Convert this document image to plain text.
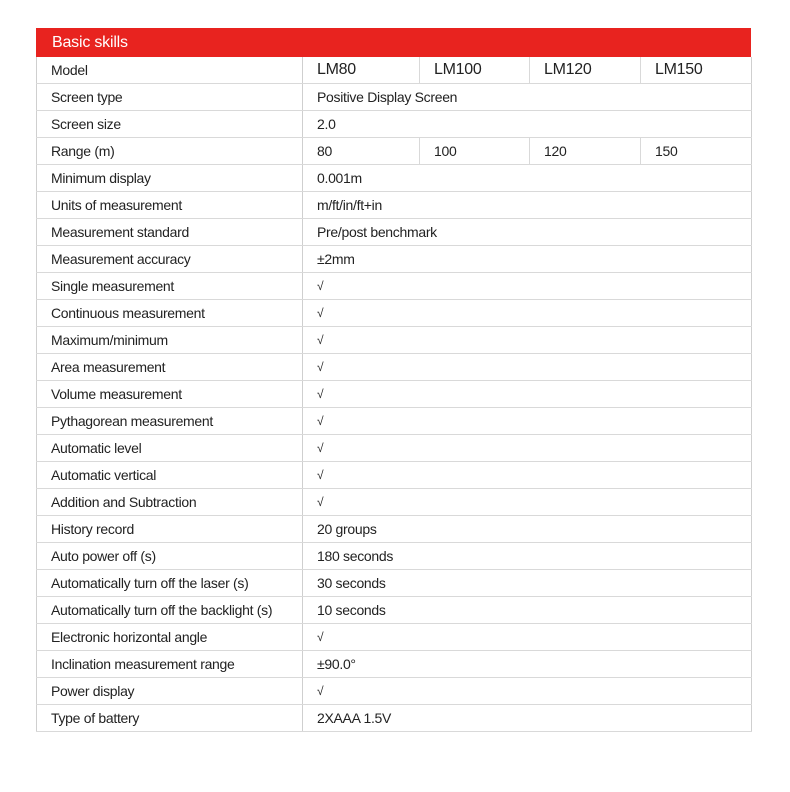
Basic skills
Model	LM80	LM100	LM120	LM150
Screen type	Positive Display Screen			
Screen size	2.0			
Range (m)	80	100	120	150
Minimum display	0.001m			
Units of measurement	m/ft/in/ft+in			
Measurement standard	Pre/post benchmark			
Measurement accuracy	±2mm			
Single measurement	√			
Continuous measurement	√			
Maximum/minimum	√			
Area measurement	√			
Volume measurement	√			
Pythagorean measurement	√			
Automatic level	√			
Automatic vertical	√			
Addition and Subtraction	√			
History record	20 groups			
Auto power off (s)	180 seconds			
Automatically turn off the laser (s)	30 seconds			
Automatically turn off the backlight (s)	10 seconds			
Electronic horizontal angle	√			
Inclination measurement range	±90.0°			
Power display	√			
Type of battery	2XAAA 1.5V			
